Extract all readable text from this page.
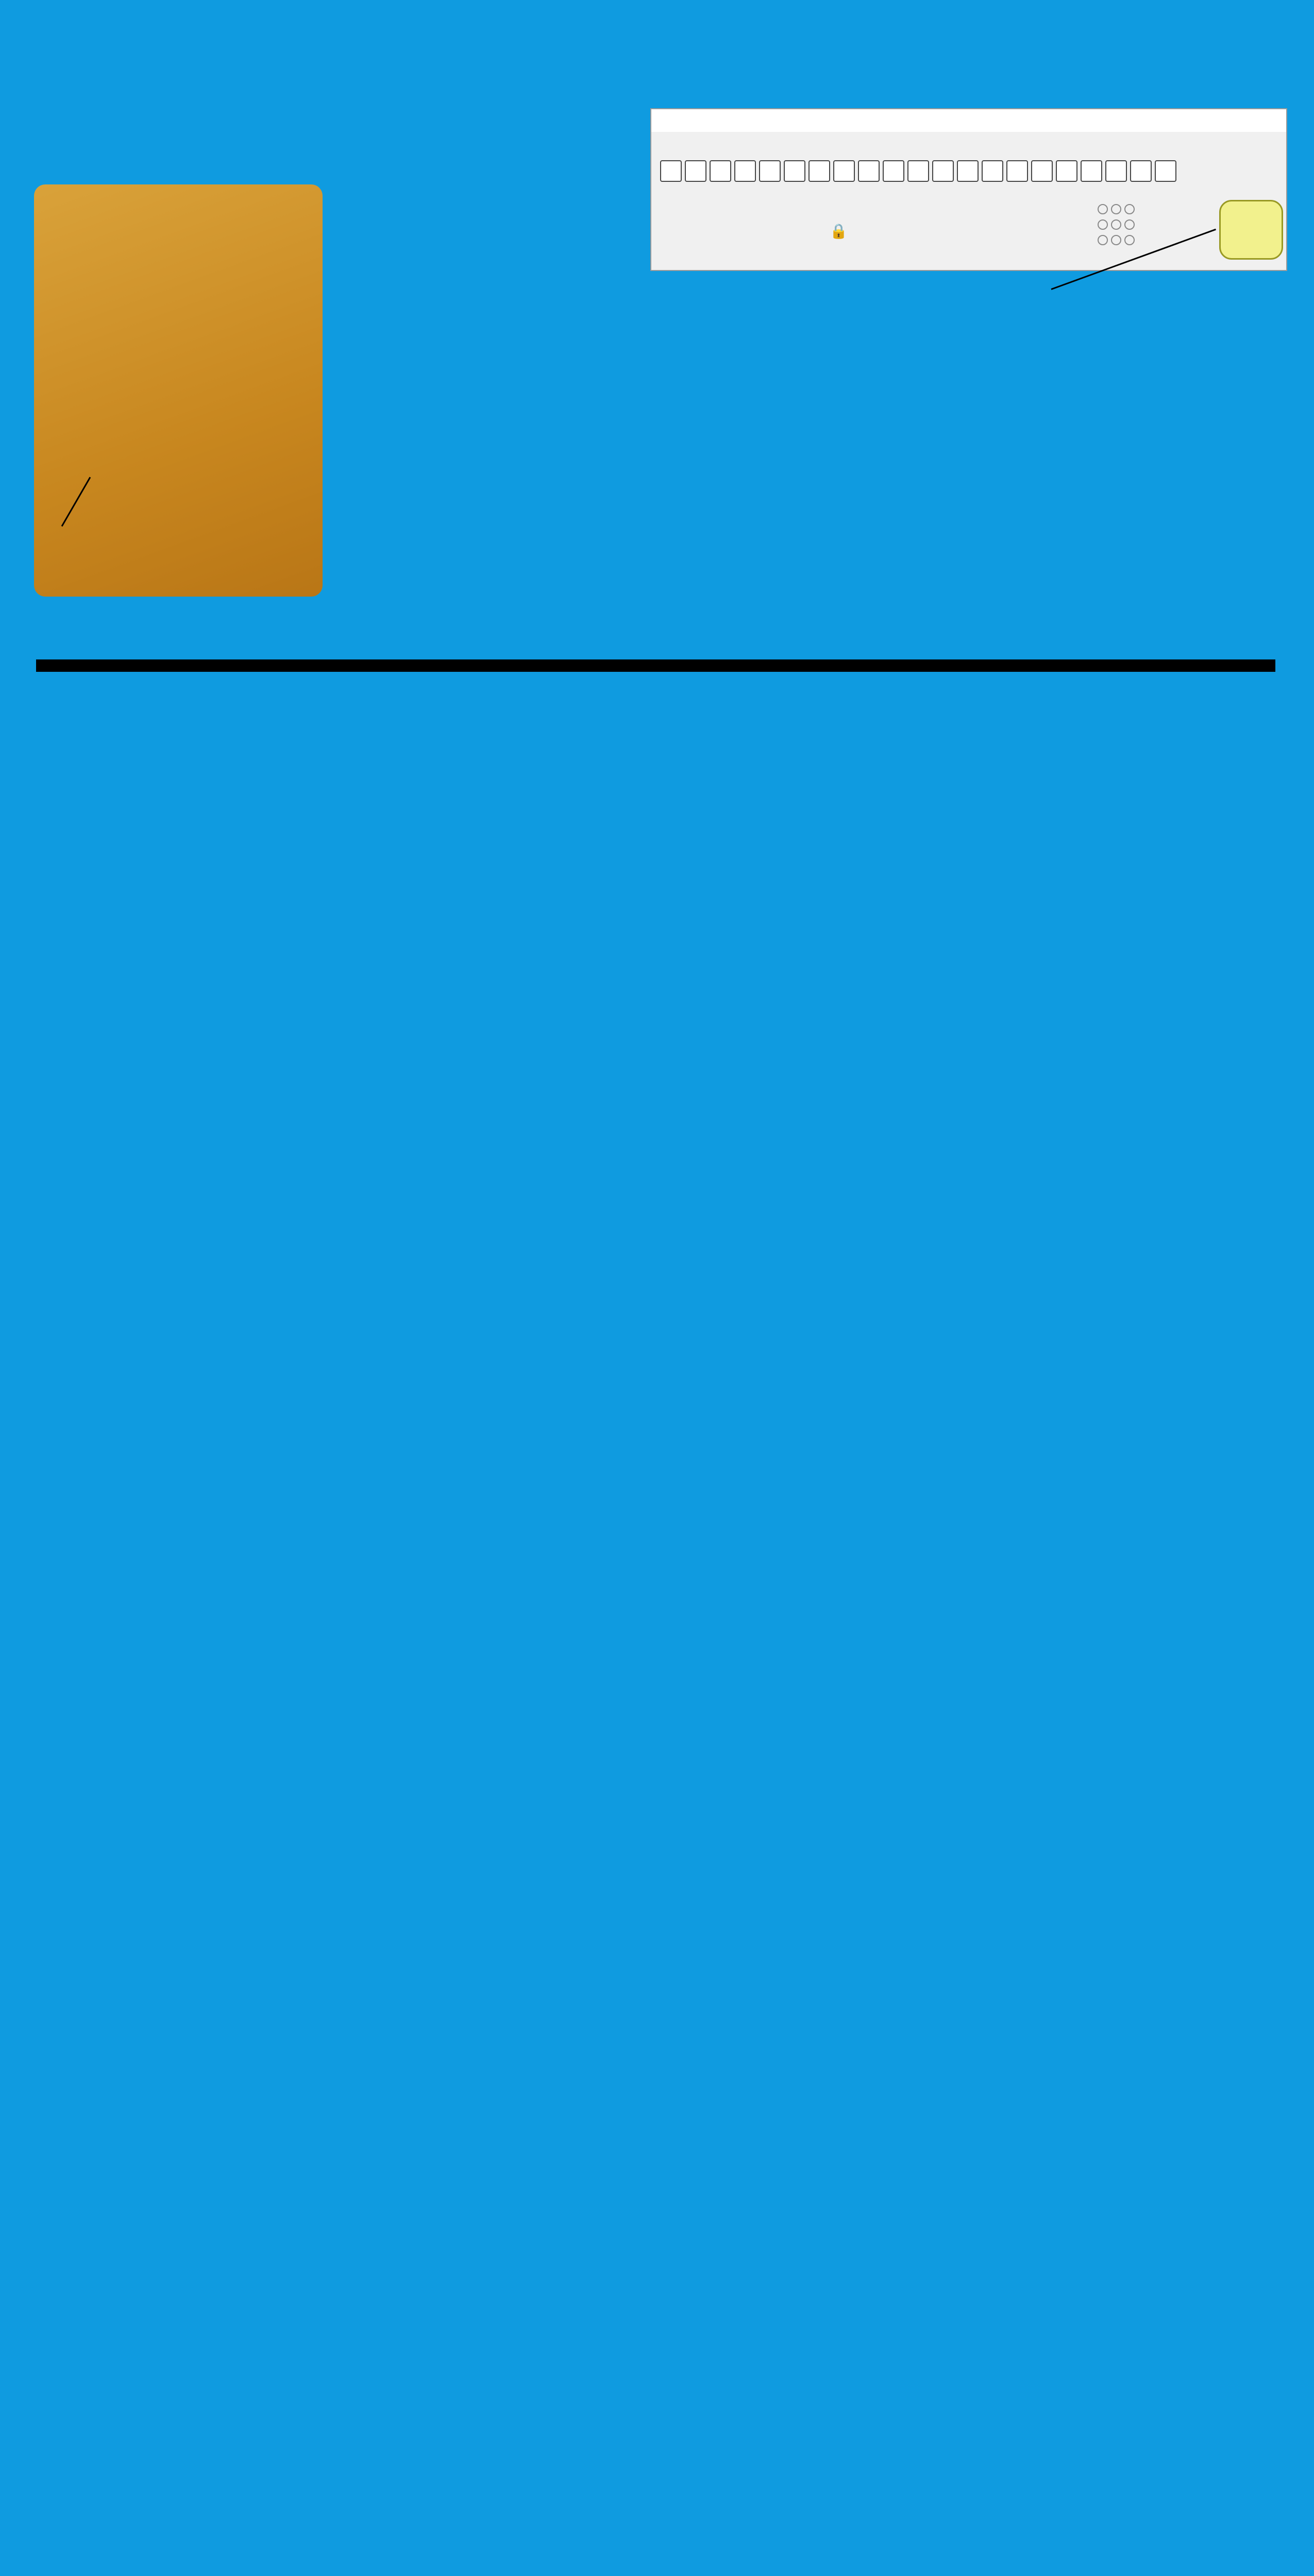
🔒
